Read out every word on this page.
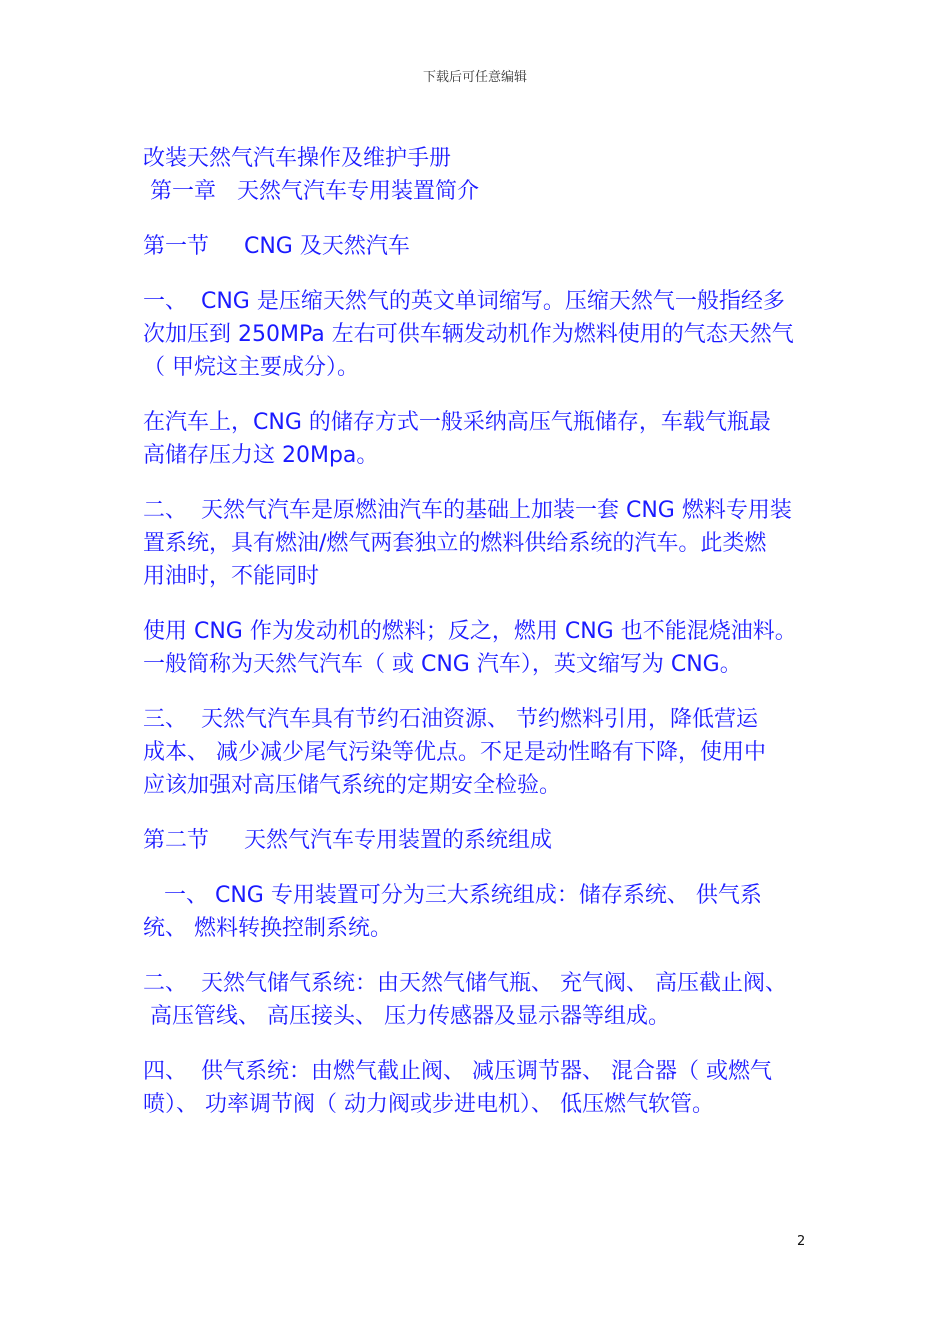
下载后可任意编辑
改装天然气汽车操作及维护手册
第一章   天然气汽车专用装置简介
第一节     CNG 及天然汽车
一、  CNG 是压缩天然气的英文单词缩写。压缩天然气一般指经多
次加压到 250MPa 左右可供车辆发动机作为燃料使用的气态天然气
（ 甲烷这主要成分）。
在汽车上，CNG 的储存方式一般采纳高压气瓶储存，车载气瓶最
高储存压力这 20Mpa。
二、  天然气汽车是原燃油汽车的基础上加装一套 CNG 燃料专用装
置系统，具有燃油/燃气两套独立的燃料供给系统的汽车。此类燃
用油时，不能同时
使用 CNG 作为发动机的燃料；反之，燃用 CNG 也不能混烧油料。
一般简称为天然气汽车（ 或 CNG 汽车），英文缩写为 CNG。
三、  天然气汽车具有节约石油资源、 节约燃料引用，降低营运
成本、 减少减少尾气污染等优点。不足是动性略有下降，使用中
应该加强对高压储气系统的定期安全检验。
第二节     天然气汽车专用装置的系统组成
一、 CNG 专用装置可分为三大系统组成：储存系统、 供气系
统、 燃料转换控制系统。
二、  天然气储气系统：由天然气储气瓶、 充气阀、 高压截止阀、
高压管线、 高压接头、 压力传感器及显示器等组成。
四、  供气系统：由燃气截止阀、 减压调节器、 混合器（ 或燃气
喷）、 功率调节阀（ 动力阀或步进电机）、 低压燃气软管。
2
